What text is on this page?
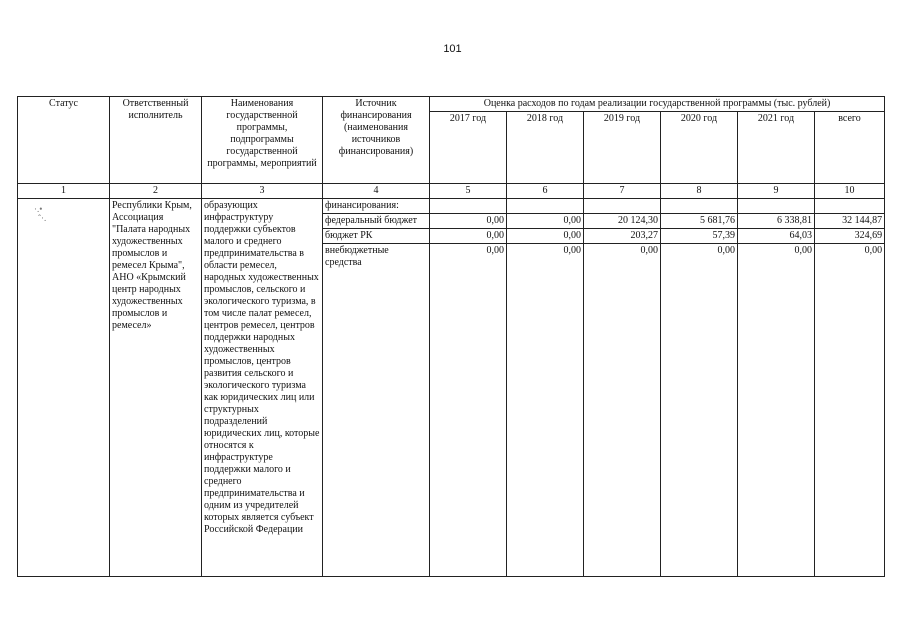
101
Статус	Ответственный исполнитель	Наименования государственной программы, подпрограммы государственной программы, мероприятий	Источник финансирования (наименования источников финансирования)	Оценка расходов по годам реализации государственной программы (тыс. рублей)					
				2017 год	2018 год	2019 год	2020 год	2021 год	всего
1	2	3	4	5	6	7	8	9	10

·.•
ˆ·.	Республики Крым, Ассоциация "Палата народных художественных промыслов и ремесел Крыма", АНО «Крымский центр народных художественных промыслов и ремесел»	образующих инфраструктуру поддержки субъектов малого и среднего предпринимательства в области ремесел, народных художественных промыслов, сельского и экологического туризма, в том числе палат ремесел, центров ремесел, центров поддержки народных художественных промыслов, центров развития сельского и экологического туризма как юридических лиц или структурных подразделений юридических лиц, которые относятся к инфраструктуре поддержки малого и среднего предпринимательства и одним из учредителей которых является субъект Российской Федерации	финансирования:						
			федеральный бюджет	0,00	0,00	20 124,30	5 681,76	6 338,81	32 144,87
			бюджет РК	0,00	0,00	203,27	57,39	64,03	324,69
			внебюджетные средства	0,00	0,00	0,00	0,00	0,00	0,00
